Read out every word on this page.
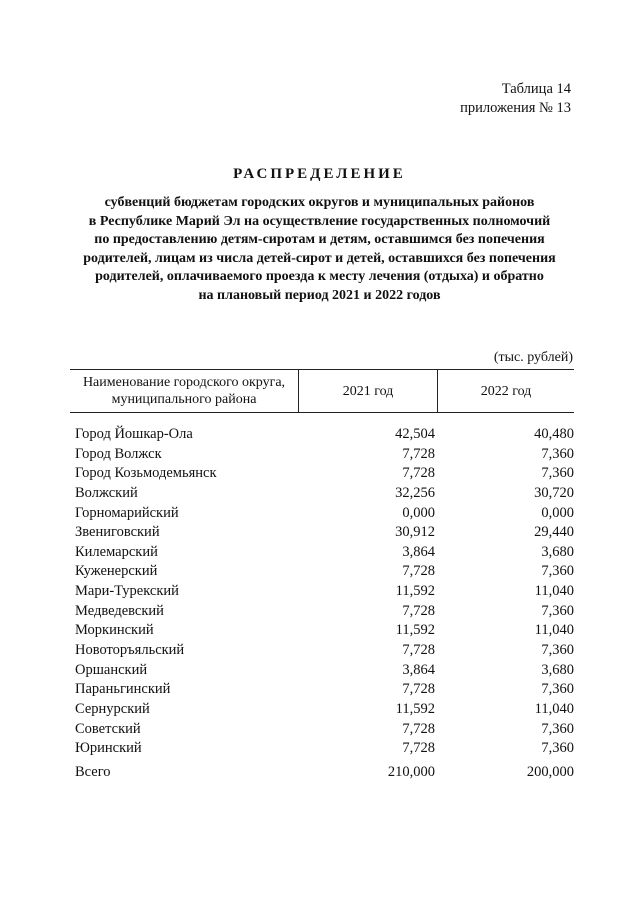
Таблица 14
приложения № 13
РАСПРЕДЕЛЕНИЕ
субвенций бюджетам городских округов и муниципальных районов
в Республике Марий Эл на осуществление государственных полномочий
по предоставлению детям-сиротам и детям, оставшимся без попечения
родителей, лицам из числа детей-сирот и детей, оставшихся без попечения
родителей, оплачиваемого проезда к месту лечения (отдыха) и обратно
на плановый период 2021 и 2022 годов
(тыс. рублей)
Наименование городского округа,
муниципального района
2021 год	2022 год
Город Йошкар-Ола	42,504	40,480
Город Волжск	7,728	7,360
Город Козьмодемьянск	7,728	7,360
Волжский	32,256	30,720
Горномарийский	0,000	0,000
Звениговский	30,912	29,440
Килемарский	3,864	3,680
Куженерский	7,728	7,360
Мари-Турекский	11,592	11,040
Медведевский	7,728	7,360
Моркинский	11,592	11,040
Новоторъяльский	7,728	7,360
Оршанский	3,864	3,680
Параньгинский	7,728	7,360
Сернурский	11,592	11,040
Советский	7,728	7,360
Юринский	7,728	7,360
Всего	210,000	200,000
